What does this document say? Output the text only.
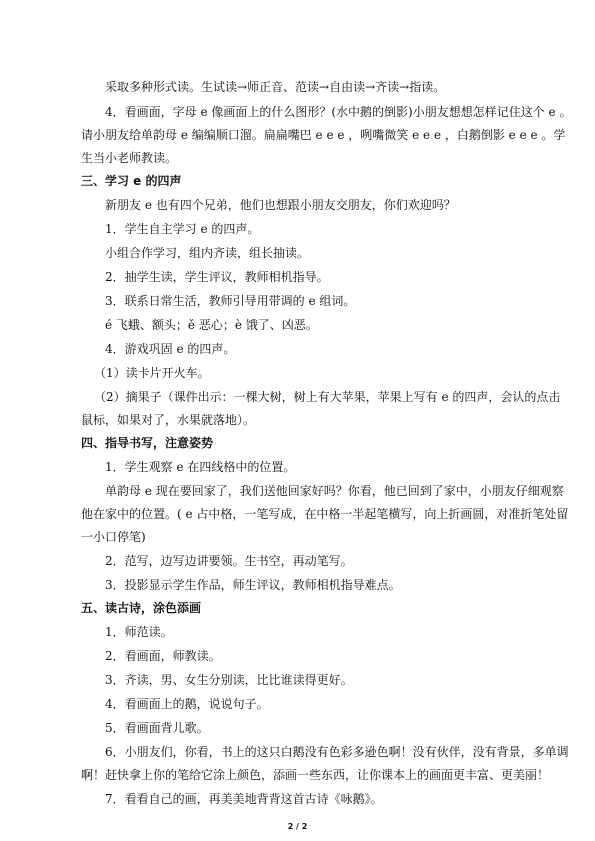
采取多种形式读。生试读→师正音、范读→自由读→齐读→指读。
4．看画面，字母 e 像画面上的什么图形？(水中鹅的倒影)小朋友想想怎样记住这个 e 。
请小朋友给单韵母 e 编编顺口溜。扁扁嘴巴 e e e ，咧嘴微笑 e e e ，白鹅倒影 e e e 。学
生当小老师教读。
三、学习 e 的四声
新朋友 e 也有四个兄弟，他们也想跟小朋友交朋友，你们欢迎吗？
1．学生自主学习 e 的四声。
小组合作学习，组内齐读，组长抽读。
2．抽学生读，学生评议，教师相机指导。
3．联系日常生活，教师引导用带调的 e 组词。
é 飞蛾、额头；ě 恶心；è 饿了、凶恶。
4．游戏巩固 e 的四声。
（1）读卡片开火车。
（2）摘果子（课件出示：一棵大树，树上有大苹果，苹果上写有 e 的四声，会认的点击
鼠标，如果对了，水果就落地）。
四、指导书写，注意姿势
1．学生观察 e 在四线格中的位置。
单韵母 e 现在要回家了，我们送他回家好吗？你看，他已回到了家中，小朋友仔细观察
他在家中的位置。( e 占中格，一笔写成，在中格一半起笔横写，向上折画圆，对准折笔处留
一小口停笔)
2．范写，边写边讲要领。生书空，再动笔写。
3．投影显示学生作品，师生评议，教师相机指导难点。
五、读古诗，涂色添画
1．师范读。
2．看画面，师教读。
3．齐读，男、女生分别读，比比谁读得更好。
4．看画面上的鹅，说说句子。
5．看画面背儿歌。
6．小朋友们，你看，书上的这只白鹅没有色彩多逊色啊！没有伙伴，没有背景，多单调
啊！赶快拿上你的笔给它涂上颜色，添画一些东西，让你课本上的画面更丰富、更美丽！
7．看看自己的画，再美美地背背这首古诗《咏鹅》。
2 / 2
